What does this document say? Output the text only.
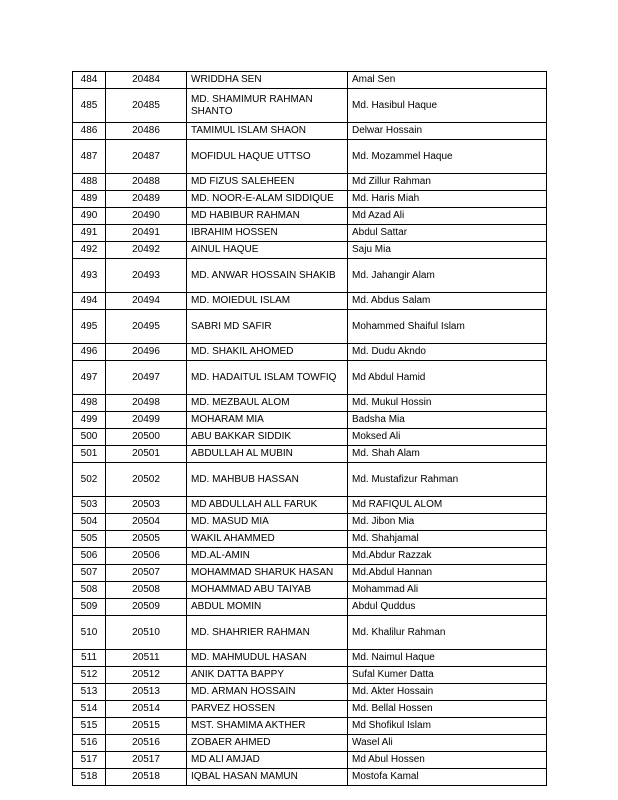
484	20484	WRIDDHA SEN	Amal Sen
485	20485	MD. SHAMIMUR RAHMAN SHANTO	Md. Hasibul Haque
486	20486	TAMIMUL ISLAM SHAON	Delwar Hossain
487	20487	MOFIDUL HAQUE UTTSO	Md. Mozammel Haque
488	20488	MD FIZUS SALEHEEN	Md Zillur Rahman
489	20489	MD. NOOR-E-ALAM SIDDIQUE	Md. Haris Miah
490	20490	MD HABIBUR RAHMAN	Md Azad Ali
491	20491	IBRAHIM HOSSEN	Abdul Sattar
492	20492	AINUL HAQUE	Saju Mia
493	20493	MD. ANWAR HOSSAIN SHAKIB	Md. Jahangir Alam
494	20494	MD. MOIEDUL ISLAM	Md. Abdus Salam
495	20495	SABRI MD SAFIR	Mohammed Shaiful Islam
496	20496	MD. SHAKIL AHOMED	Md. Dudu Akndo
497	20497	MD. HADAITUL ISLAM TOWFIQ	Md Abdul Hamid
498	20498	MD. MEZBAUL ALOM	Md. Mukul Hossin
499	20499	MOHARAM MIA	Badsha Mia
500	20500	ABU BAKKAR SIDDIK	Moksed Ali
501	20501	ABDULLAH AL MUBIN	Md. Shah Alam
502	20502	MD. MAHBUB HASSAN	Md. Mustafizur Rahman
503	20503	MD ABDULLAH ALL FARUK	Md RAFIQUL ALOM
504	20504	MD. MASUD MIA	Md. Jibon Mia
505	20505	WAKIL AHAMMED	Md. Shahjamal
506	20506	MD.AL-AMIN	Md.Abdur Razzak
507	20507	MOHAMMAD SHARUK HASAN	Md.Abdul Hannan
508	20508	MOHAMMAD ABU TAIYAB	Mohammad Ali
509	20509	ABDUL MOMIN	Abdul Quddus
510	20510	MD. SHAHRIER RAHMAN	Md. Khalilur Rahman
511	20511	MD. MAHMUDUL HASAN	Md. Naimul Haque
512	20512	ANIK DATTA BAPPY	Sufal Kumer Datta
513	20513	MD. ARMAN HOSSAIN	Md. Akter Hossain
514	20514	PARVEZ HOSSEN	Md. Bellal Hossen
515	20515	MST. SHAMIMA AKTHER	Md Shofikul Islam
516	20516	ZOBAER AHMED	Wasel Ali
517	20517	MD ALI AMJAD	Md Abul Hossen
518	20518	IQBAL HASAN MAMUN	Mostofa Kamal
